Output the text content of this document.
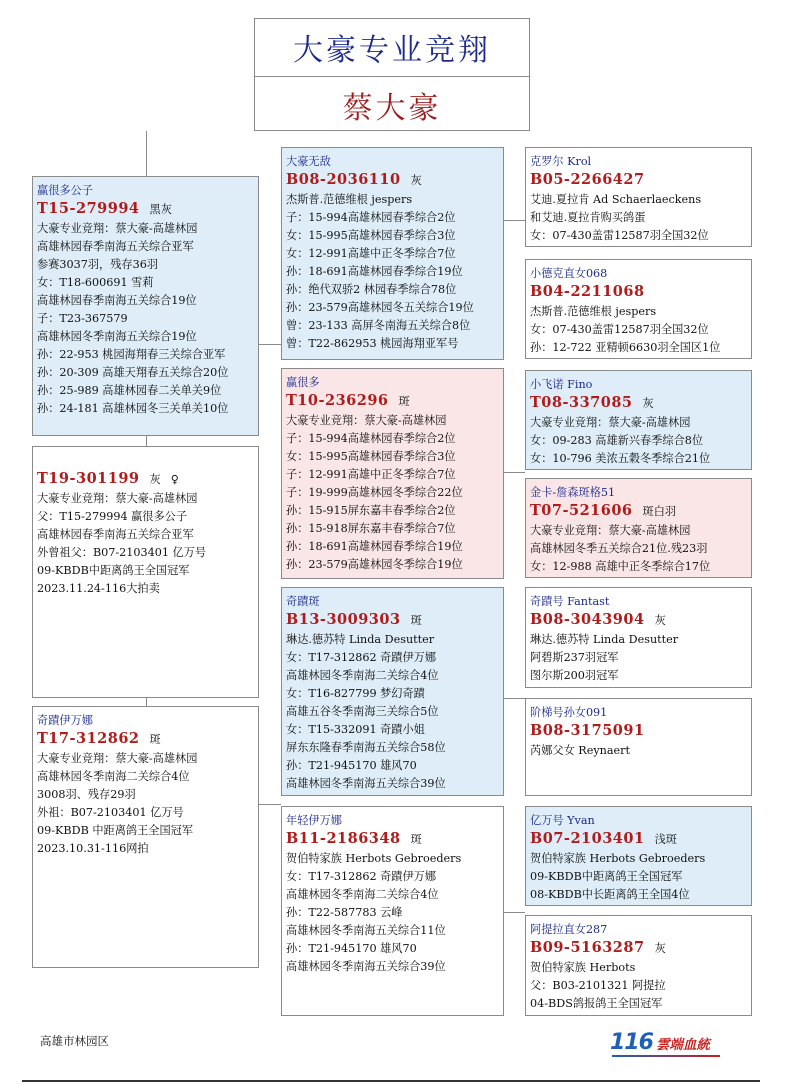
大豪专业竞翔
蔡大豪
赢很多公子
T15-279994 黑灰
大豪专业竞翔：蔡大豪-高雄林园
高雄林园春季南海五关综合亚军
参赛3037羽，残存36羽
女：T18-600691 雪莉
高雄林园春季南海五关综合19位
子：T23-367579
高雄林园冬季南海五关综合19位
孙：22-953 桃园海翔春三关综合亚军
孙：20-309 高雄天翔春五关综合20位
孙：25-989 高雄林园春二关单关9位
孙：24-181 高雄林园冬三关单关10位
T19-301199 灰 ♀
大豪专业竞翔：蔡大豪-高雄林园
父：T15-279994 赢很多公子
高雄林园春季南海五关综合亚军
外曾祖父：B07-2103401 亿万号
09-KBDB中距离鸽王全国冠军
2023.11.24-116大拍卖
奇蹟伊万娜
T17-312862 斑
大豪专业竞翔：蔡大豪-高雄林园
高雄林园冬季南海二关综合4位
3008羽、残存29羽
外祖：B07-2103401 亿万号
09-KBDB 中距离鸽王全国冠军
2023.10.31-116网拍
大豪无敌
B08-2036110 灰
杰斯普.范德维根 jespers
子：15-994高雄林园春季综合2位
女：15-995高雄林园春季综合3位
女：12-991高雄中正冬季综合7位
孙：18-691高雄林园春季综合19位
孙：绝代双骄2 林园春季综合78位
孙：23-579高雄林园冬五关综合19位
曾：23-133 高屏冬南海五关综合8位
曾：T22-862953 桃园海翔亚军号
赢很多
T10-236296 斑
大豪专业竞翔：蔡大豪-高雄林园
子：15-994高雄林园春季综合2位
女：15-995高雄林园春季综合3位
子：12-991高雄中正冬季综合7位
子：19-999高雄林园冬季综合22位
孙：15-915屏东嘉丰春季综合2位
孙：15-918屏东嘉丰春季综合7位
孙：18-691高雄林园春季综合19位
孙：23-579高雄林园冬季综合19位
奇蹟斑
B13-3009303 斑
琳达.德苏特 Linda Desutter
女：T17-312862 奇蹟伊万娜
高雄林园冬季南海二关综合4位
女：T16-827799 梦幻奇蹟
高雄五谷冬季南海三关综合5位
女：T15-332091 奇蹟小姐
屏东东隆春季南海五关综合58位
孙：T21-945170 雄风70
高雄林园冬季南海五关综合39位
年轻伊万娜
B11-2186348 斑
贺伯特家族 Herbots Gebroeders
女：T17-312862 奇蹟伊万娜
高雄林园冬季南海二关综合4位
孙：T22-587783 云峰
高雄林园冬季南海五关综合11位
孙：T21-945170 雄风70
高雄林园冬季南海五关综合39位
克罗尔 Krol
B05-2266427
艾迪.夏拉肯 Ad Schaerlaeckens
和艾迪.夏拉肯购买鸽蛋
女：07-430盖雷12587羽全国32位
小德克直女068
B04-2211068
杰斯普.范德维根 jespers
女：07-430盖雷12587羽全国32位
孙：12-722 亚精顿6630羽全国区1位
小飞诺 Fino
T08-337085 灰
大豪专业竞翔：蔡大豪-高雄林园
女：09-283 高雄新兴春季综合8位
女：10-796 美浓五穀冬季综合21位
金卡-詹森斑格51
T07-521606 斑白羽
大豪专业竞翔：蔡大豪-高雄林园
高雄林园冬季五关综合21位.残23羽
女：12-988 高雄中正冬季综合17位
奇蹟号 Fantast
B08-3043904 灰
琳达.德苏特 Linda Desutter
阿碧斯237羽冠军
图尔斯200羽冠军
阶梯号孙女091
B08-3175091
芮娜父女 Reynaert
亿万号 Yvan
B07-2103401 浅斑
贺伯特家族 Herbots Gebroeders
09-KBDB中距离鸽王全国冠军
08-KBDB中长距离鸽王全国4位
阿提拉直女287
B09-5163287 灰
贺伯特家族 Herbots
父：B03-2101321 阿提拉
04-BDS鸽报鸽王全国冠军
高雄市林园区	116 雲端血統
